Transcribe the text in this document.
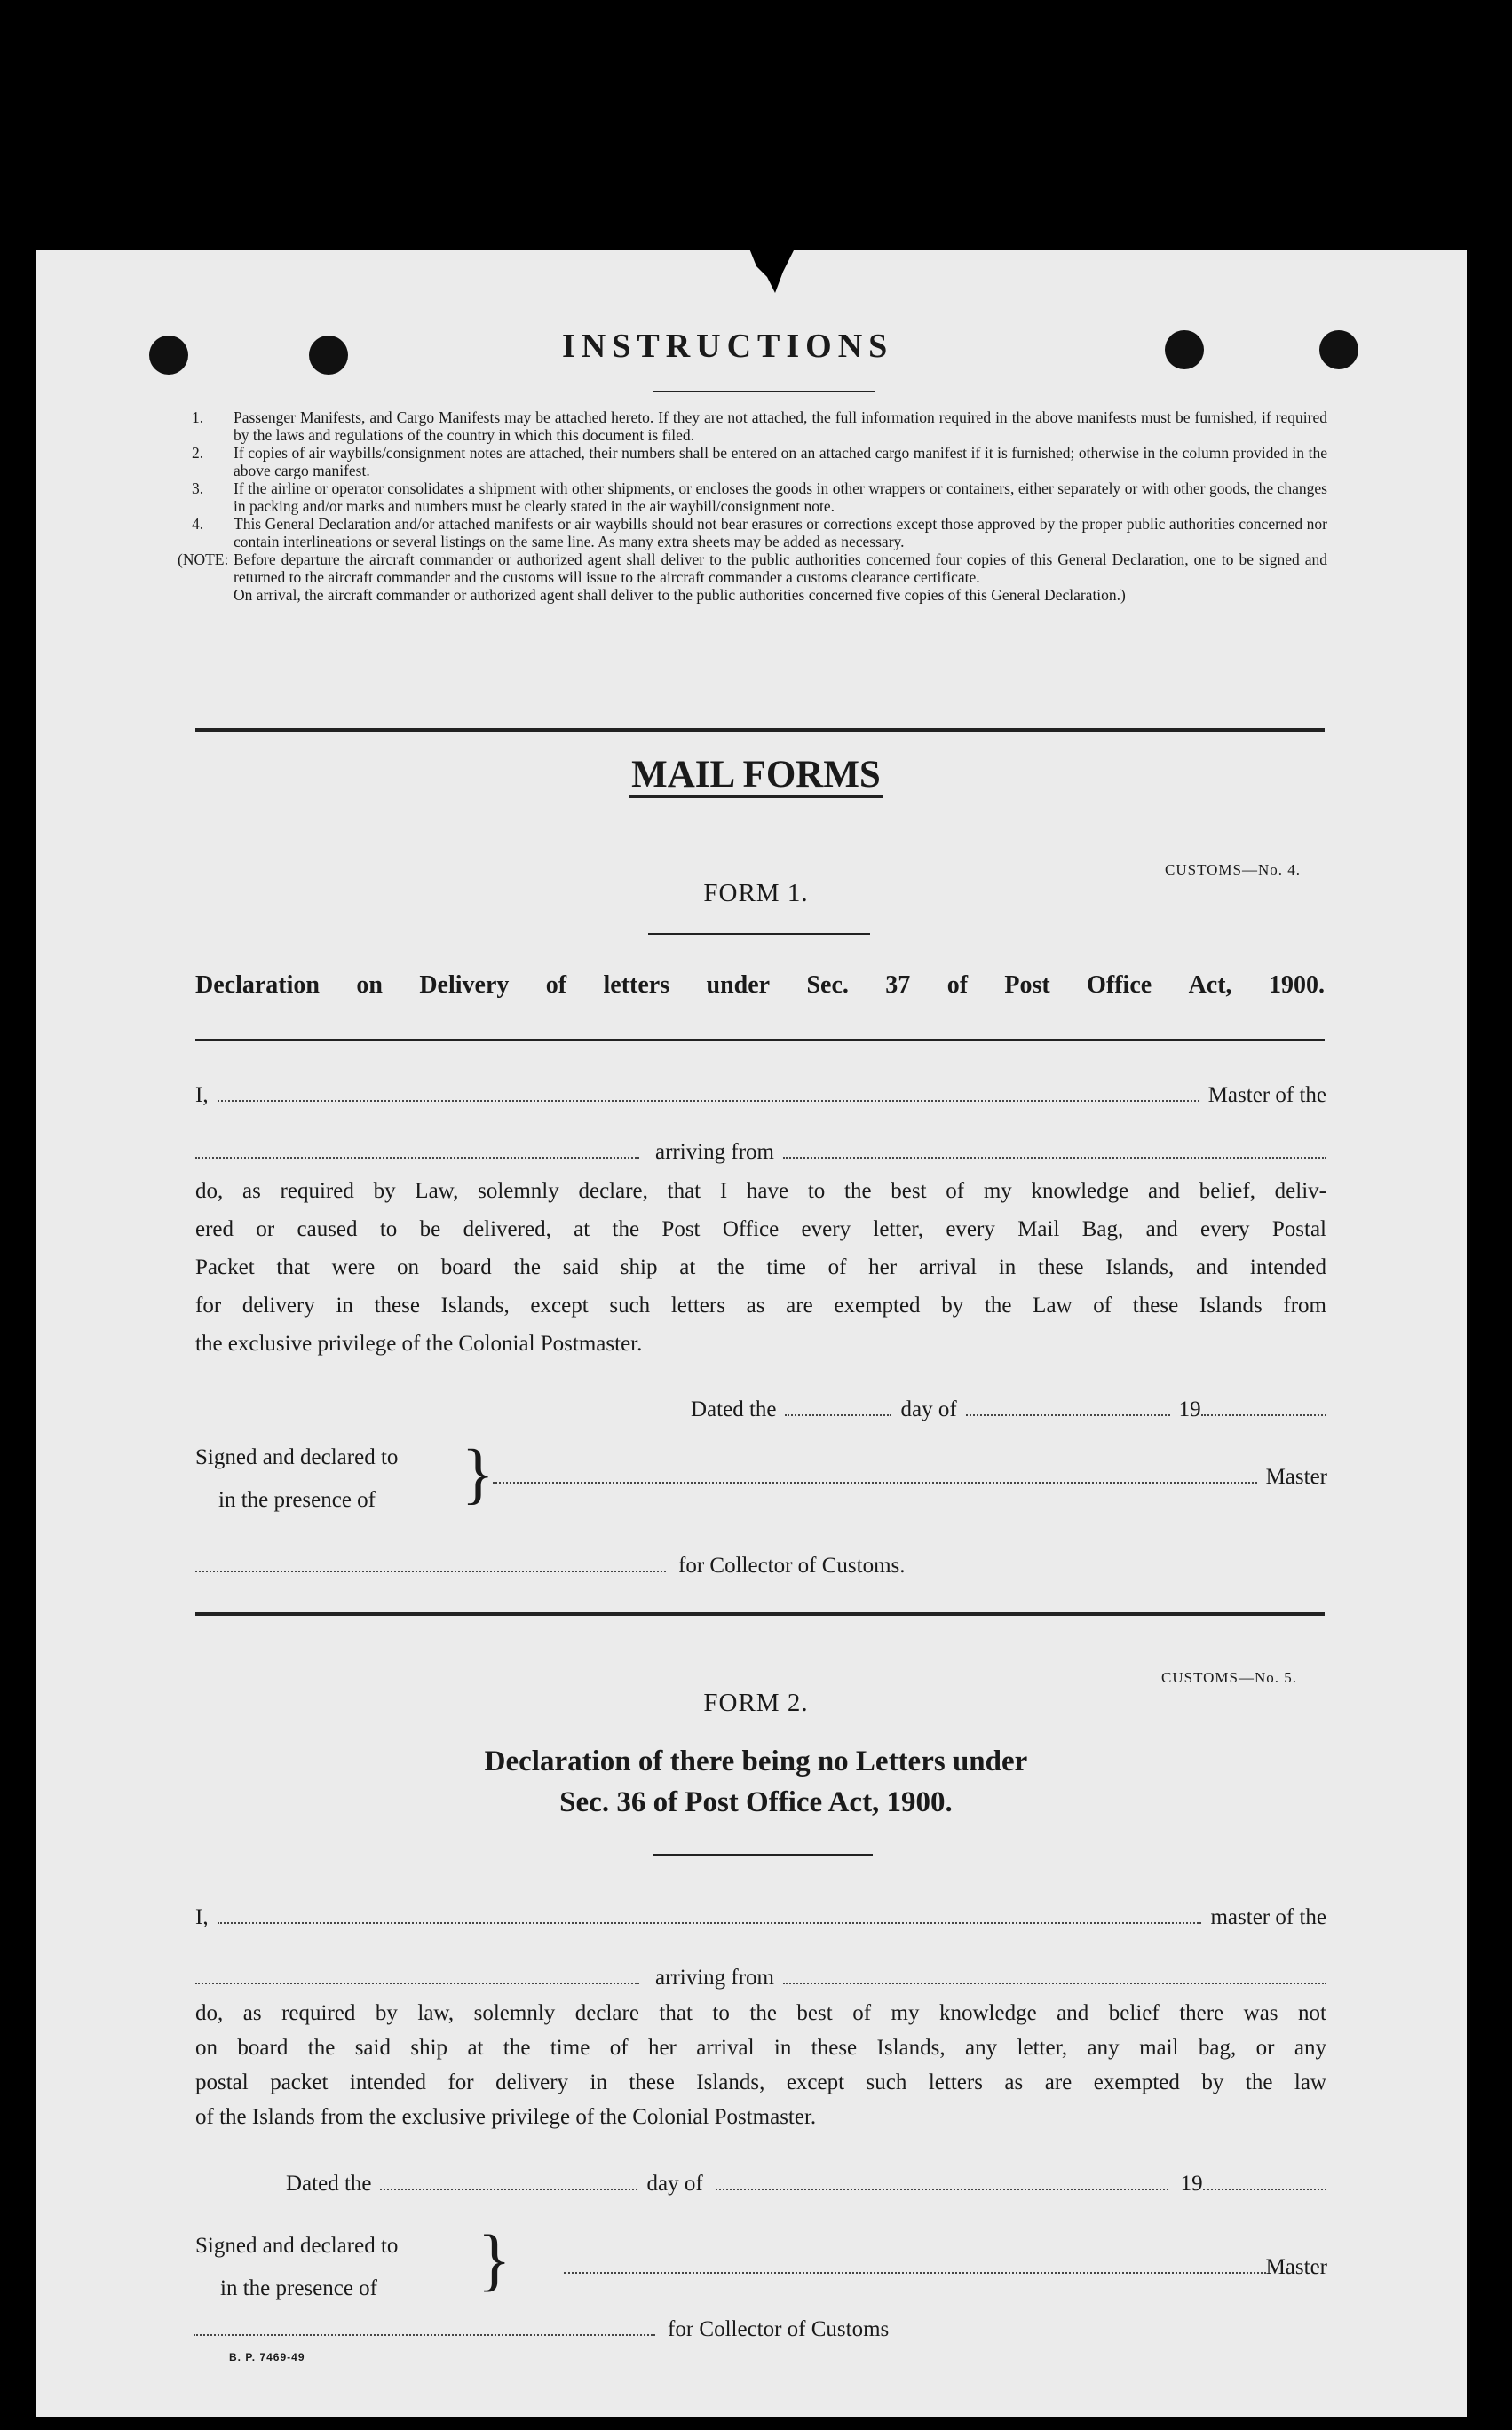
INSTRUCTIONS
1. Passenger Manifests, and Cargo Manifests may be attached hereto. If they are not attached, the full information required in the above manifests must be furnished, if required by the laws and regulations of the country in which this document is filed.

2. If copies of air waybills/consignment notes are attached, their numbers shall be entered on an attached cargo manifest if it is furnished; otherwise in the column provided in the above cargo manifest.

3. If the airline or operator consolidates a shipment with other shipments, or encloses the goods in other wrappers or containers, either separately or with other goods, the changes in packing and/or marks and numbers must be clearly stated in the air waybill/consignment note.

4. This General Declaration and/or attached manifests or air waybills should not bear erasures or corrections except those approved by the proper public authorities concerned nor contain interlineations or several listings on the same line. As many extra sheets may be added as necessary.

(NOTE: Before departure the aircraft commander or authorized agent shall deliver to the public authorities concerned four copies of this General Declaration, one to be signed and returned to the aircraft commander and the customs will issue to the aircraft commander a customs clearance certificate.

On arrival, the aircraft commander or authorized agent shall deliver to the public authorities concerned five copies of this General Declaration.)

MAIL FORMS
CUSTOMS—No. 4.
FORM 1.
Declaration on Delivery of letters under Sec. 37 of Post Office Act, 1900.
I,	Master of the
arriving from
do, as required by Law, solemnly declare, that I have to the best of my knowledge and belief, deliv-
ered or caused to be delivered, at the Post Office every letter, every Mail Bag, and every Postal
Packet that were on board the said ship at the time of her arrival in these Islands, and intended
for delivery in these Islands, except such letters as are exempted by the Law of these Islands from
the exclusive privilege of the Colonial Postmaster.
Dated the	day of	19
Signed and declared to
in the presence of }	Master
for Collector of Customs.
CUSTOMS—No. 5.
FORM 2.
Declaration of there being no Letters under
Sec. 36 of Post Office Act, 1900.
I,	master of the
arriving from
do, as required by law, solemnly declare that to the best of my knowledge and belief there was not
on board the said ship at the time of her arrival in these Islands, any letter, any mail bag, or any
postal packet intended for delivery in these Islands, except such letters as are exempted by the law
of the Islands from the exclusive privilege of the Colonial Postmaster.
Dated the	day of	19
Signed and declared to
in the presence of }	Master
for Collector of Customs
B. P. 7469-49
